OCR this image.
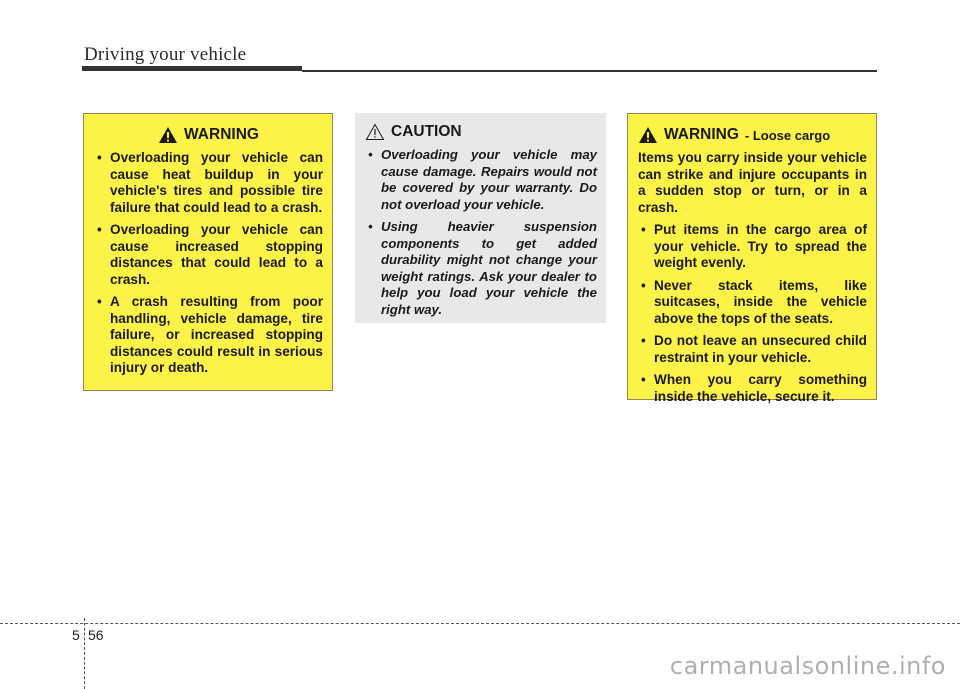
Driving your vehicle
WARNING
• Overloading your vehicle can cause heat buildup in your vehicle's tires and possible tire failure that could lead to a crash.
• Overloading your vehicle can cause increased stopping distances that could lead to a crash.
• A crash resulting from poor handling, vehicle damage, tire failure, or increased stopping distances could result in serious injury or death.
CAUTION
• Overloading your vehicle may cause damage. Repairs would not be covered by your warranty. Do not overload your vehicle.
• Using heavier suspension components to get added durability might not change your weight ratings. Ask your dealer to help you load your vehicle the right way.
WARNING - Loose cargo

Items you carry inside your vehicle can strike and injure occupants in a sudden stop or turn, or in a crash.

• Put items in the cargo area of your vehicle. Try to spread the weight evenly.
• Never stack items, like suitcases, inside the vehicle above the tops of the seats.
• Do not leave an unsecured child restraint in your vehicle.
• When you carry something inside the vehicle, secure it.
5 56
carmanualsonline.info
